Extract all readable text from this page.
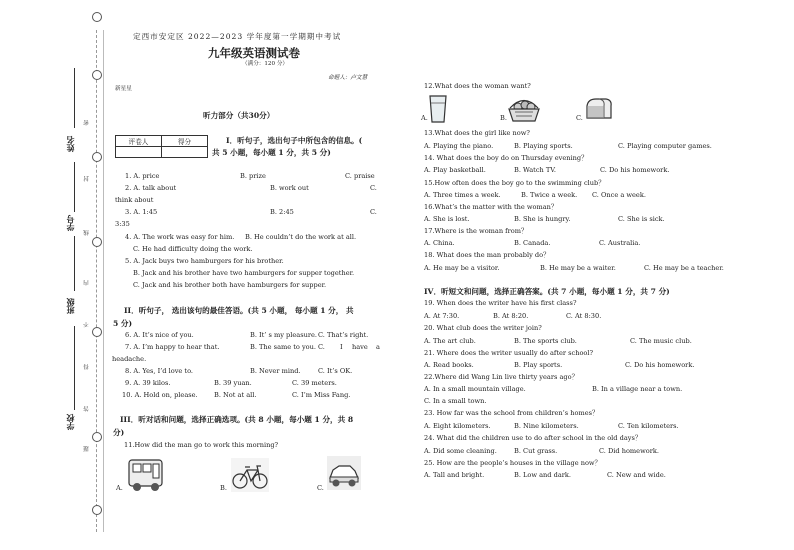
姓名
学号
班级
学校
密
封
线
内
不
得
答
题
定西市安定区 2022—2023 学年度第一学期期中考试
九年级英语测试卷
（满分：120 分）
命题人：卢文慧
新星星
听力部分（共30分）
评卷人	得分
		I．听句子，选出句子中所包含的信息。(
共 5 小题，每小题 1 分，共 5 分)
1. A. price	B. prize	C. praise
2. A. talk about	B. work out	C.
think about
3. A. 1:45	B. 2:45	C.
3:35
4. A. The work was easy for him. B. He couldn’t do the work at all.
C. He had difficulty doing the work.
5. A. Jack buys two hamburgers for his brother.
B. Jack and his brother have two hamburgers for supper together.
C. Jack and his brother both have hamburgers for supper.
II．听句子， 选出该句的最佳答语。(共 5 小题， 每小题 1 分， 共
5 分)
6. A. It’s nice of you.	B. It’ s my pleasure. C. That’s right.
7. A. I’m happy to hear that.	B. The same to you. C. I have a
headache.
8. A. Yes, I’d love to.	B. Never mind.	C. It’s OK.
9. A. 39 kilos.	B. 39 yuan.	C. 39 meters.
10. A. Hold on, please. B. Not at all.	C. I’m Miss Fang.
III．听对话和问题，选择正确选项。(共 8 小题，每小题 1 分，共 8
分)
11.How did the man go to work this morning?
A.	B.	C.
12.What does the woman want?
A.	B.	C.
13.What does the girl like now?
A. Playing the piano.	B. Playing sports.	C. Playing computer games.
14. What does the boy do on Thursday evening？
A. Play basketball.	B. Watch TV.	C. Do his homework.
15.How often does the boy go to the swimming club？
A. Three times a week.	B. Twice a week. C. Once a week.
16.What’s the matter with the woman？
A. She is lost.	B. She is hungry.	C. She is sick.
17.Where is the woman from？
A. China.	B. Canada.	C. Australia.
18. What does the man probably do？
A. He may be a visitor.	B. He may be a waiter.	C. He may be a teacher.
IV．听短文和问题，选择正确答案。(共 7 小题，每小题 1 分，共 7 分)
19. When does the writer have his first class?
A. At 7:30.	B. At 8:20.	C. At 8:30.
20. What club does the writer join?
A. The art club.	B. The sports club.	C. The music club.
21. Where does the writer usually do after school?
A. Read books.	B. Play sports.	C. Do his homework.
22.Where did Wang Lin live thirty years ago？
A. In a small mountain village.	B. In a village near a town.
C. In a small town.
23. How far was the school from children’s homes？
A. Eight kilometers.	B. Nine kilometers.	C. Ten kilometers.
24. What did the children use to do after school in the old days？
A. Did some cleaning.	B. Cut grass.	C. Did homework.
25. How are the people’s houses in the village now？
A. Tall and bright.	B. Low and dark.	C. New and wide.
